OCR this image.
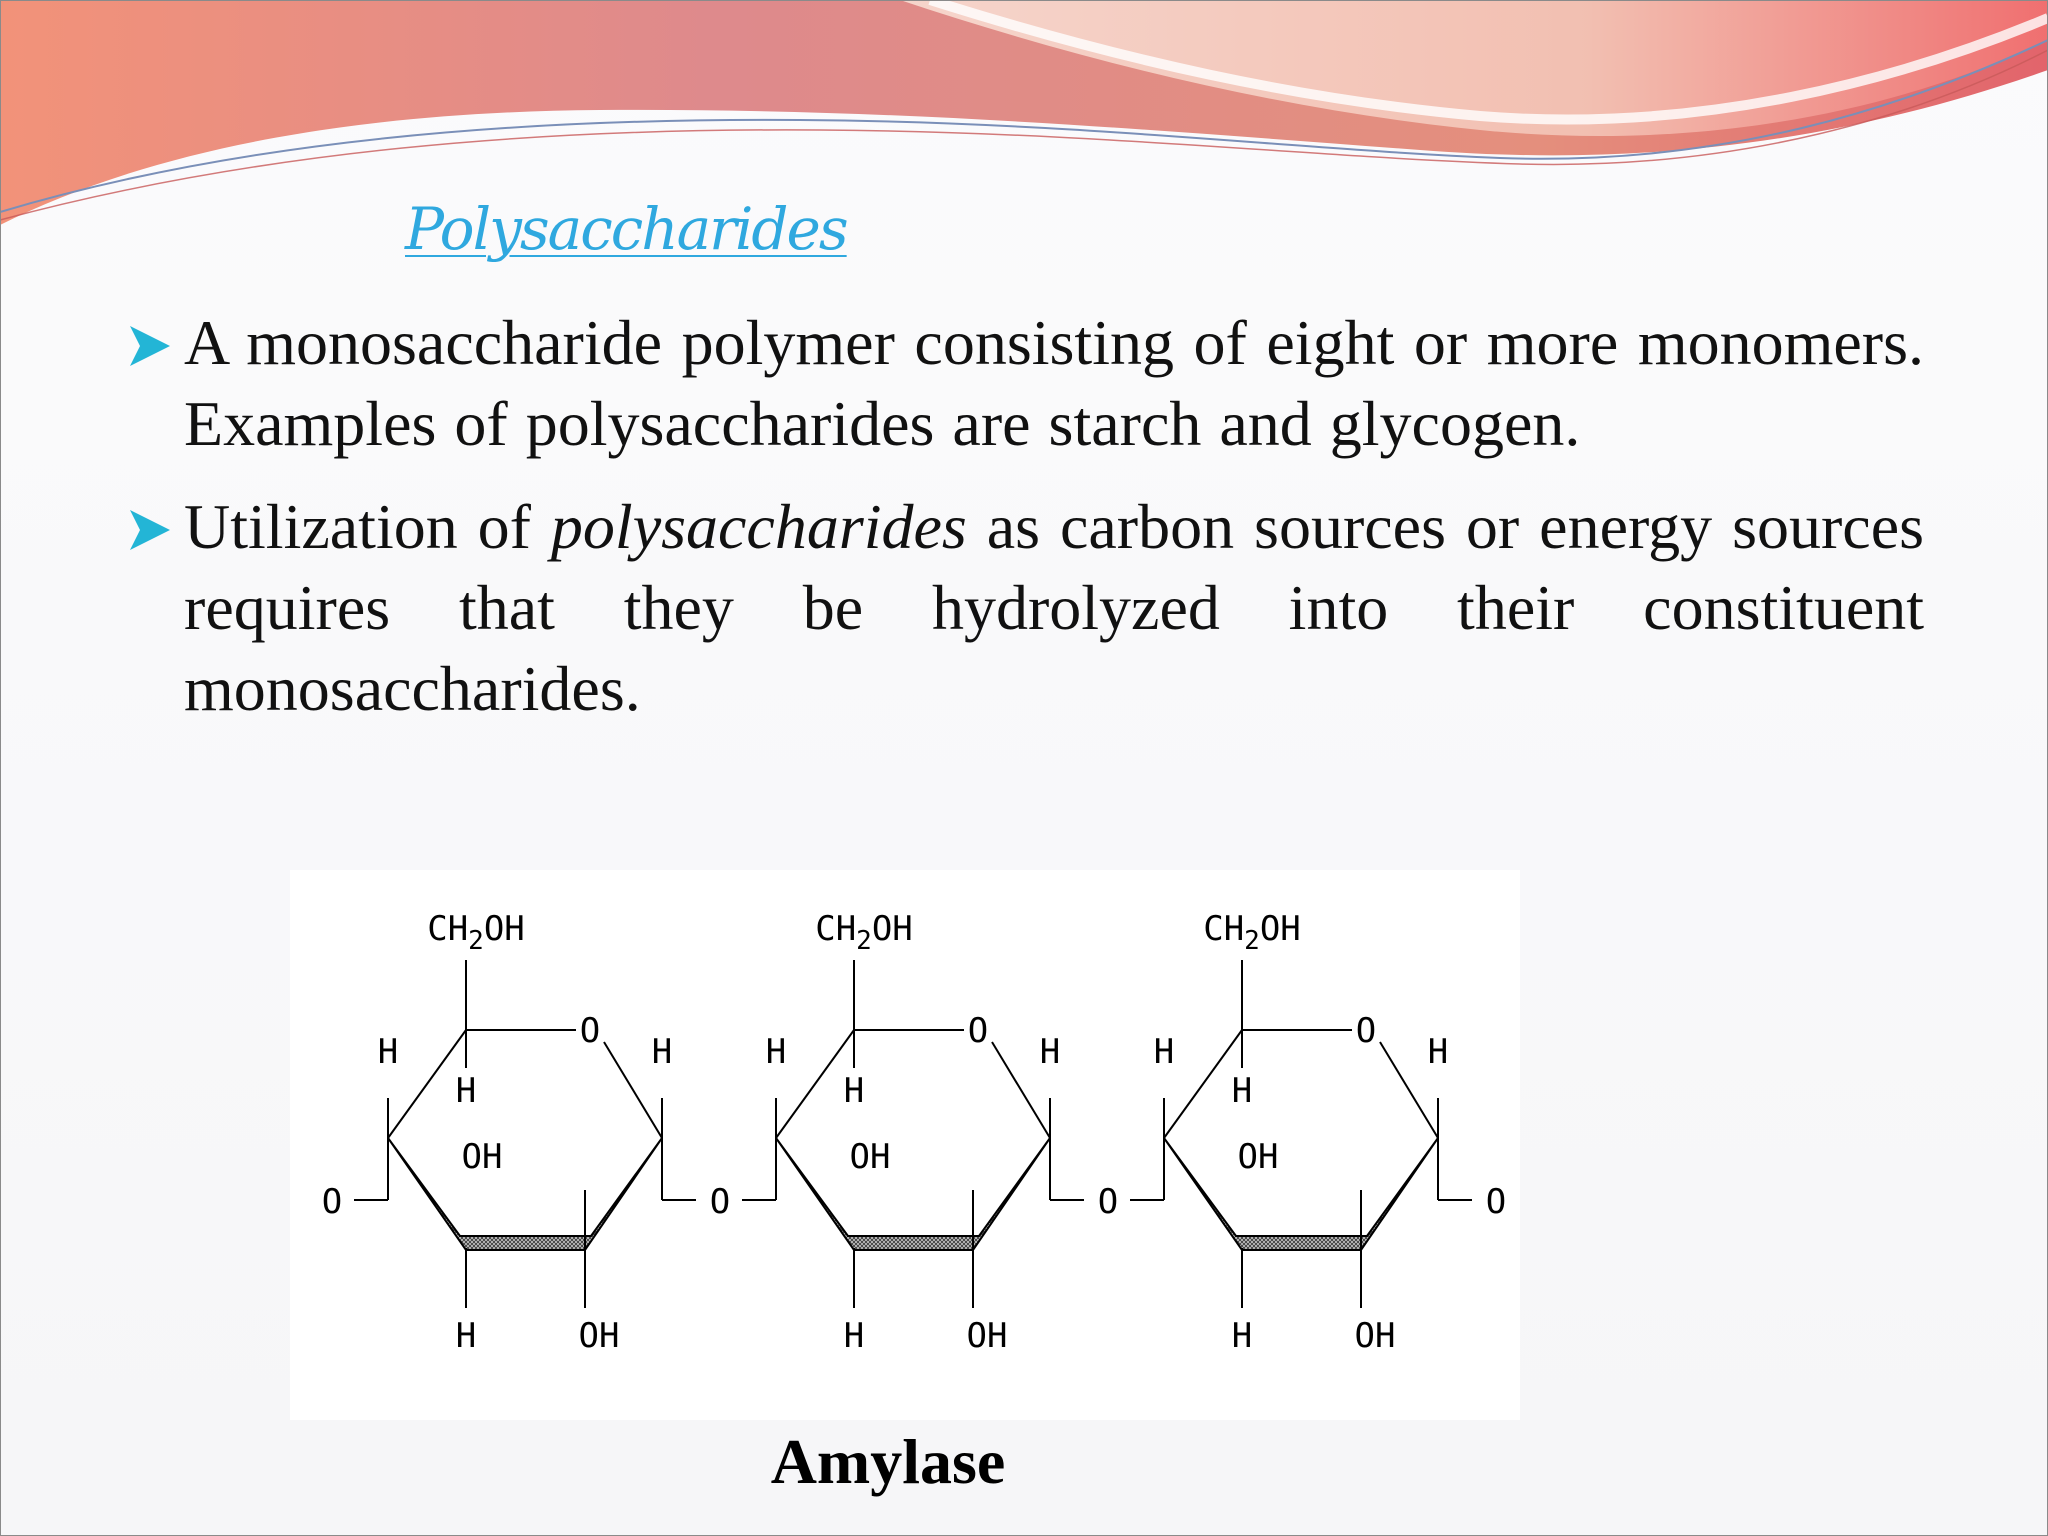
Polysaccharides
A monosaccharide polymer consisting of eight or more monomers. Examples of polysaccharides are starch and glycogen.
Utilization of polysaccharides as carbon sources or energy sources requires that they be hydrolyzed into their constituent monosaccharides.
O
$CH_2OH$
H
H
OH
H	OH
H
O
$CH_2OH$
H
H
OH
H	OH
H
O
$CH_2OH$
H
H
OH
H	OH
H
O	O	O	O

Amylase
